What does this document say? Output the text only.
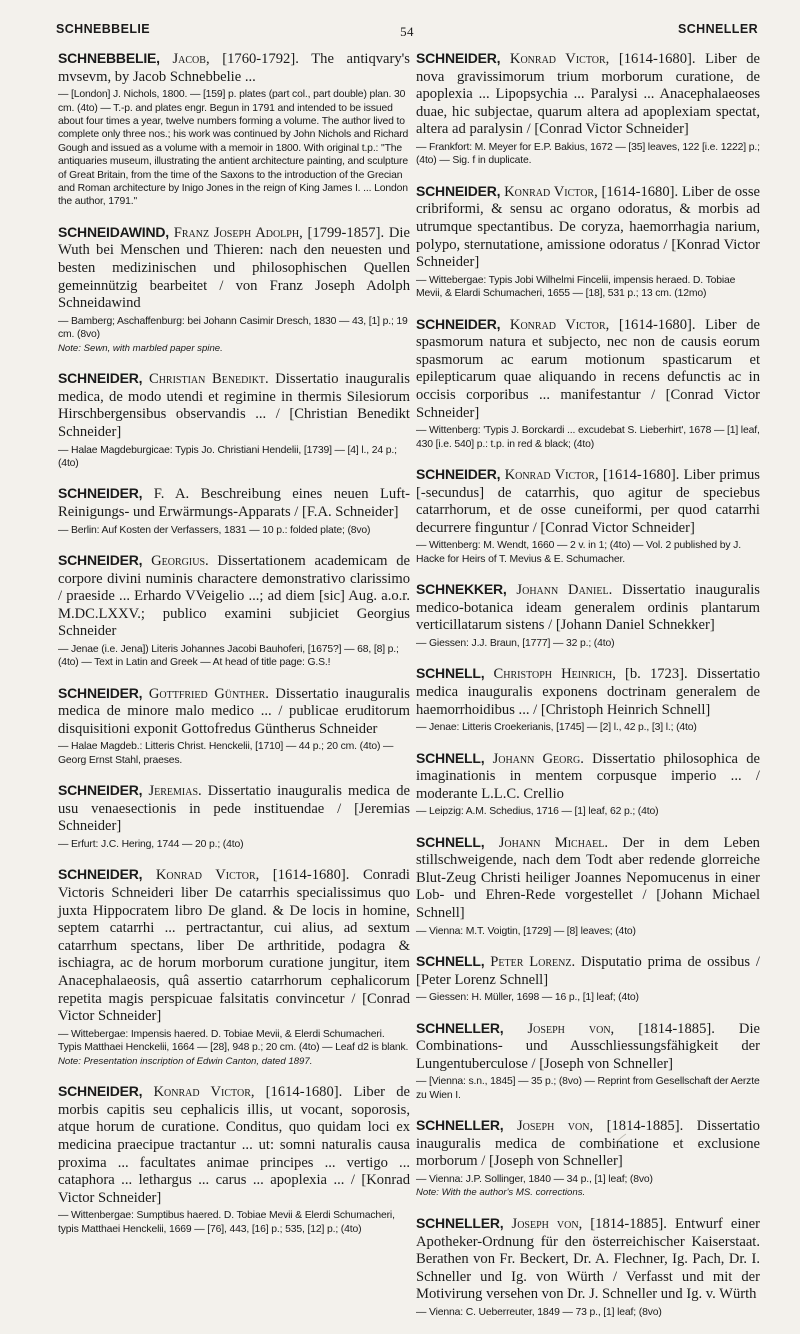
SCHNEBBELIE	54	SCHNELLER

SCHNEBBELIE, Jacob, [1760-1792]. The antiqvary's mvsevm, by Jacob Schnebbelie ...

— [London] J. Nichols, 1800. — [159] p. plates (part col., part double) plan. 30 cm. (4to) — T.-p. and plates engr. Begun in 1791 and intended to be issued about four times a year, twelve numbers forming a volume. The author lived to complete only three nos.; his work was continued by John Nichols and Richard Gough and issued as a volume with a memoir in 1800. With original t.p.: "The antiquaries museum, illustrating the antient architecture painting, and sculpture of Great Britain, from the time of the Saxons to the introduction of the Grecian and Roman architecture by Inigo Jones in the reign of King James I. ... London the author, 1791."

SCHNEIDAWIND, Franz Joseph Adolph, [1799-1857]. Die Wuth bei Menschen und Thieren: nach den neuesten und besten medizinischen und philosophischen Quellen gemeinnützig bearbeitet / von Franz Joseph Adolph Schneidawind

— Bamberg; Aschaffenburg: bei Johann Casimir Dresch, 1830 — 43, [1] p.; 19 cm. (8vo)

Note: Sewn, with marbled paper spine.

SCHNEIDER, Christian Benedikt. Dissertatio inauguralis medica, de modo utendi et regimine in thermis Silesiorum Hirschbergensibus observandis ... / [Christian Benedikt Schneider]

— Halae Magdeburgicae: Typis Jo. Christiani Hendelii, [1739] — [4] l., 24 p.; (4to)

SCHNEIDER, F. A. Beschreibung eines neuen Luft-Reinigungs- und Erwärmungs-Apparats / [F.A. Schneider]

— Berlin: Auf Kosten der Verfassers, 1831 — 10 p.: folded plate; (8vo)

SCHNEIDER, Georgius. Dissertationem academicam de corpore divini numinis charactere demonstrativo clarissimo / praeside ... Erhardo VVeigelio ...; ad diem [sic] Aug. a.o.r. M.DC.LXXV.; publico examini subjiciet Georgius Schneider

— Jenae (i.e. Jena]) Literis Johannes Jacobi Bauhoferi, [1675?] — 68, [8] p.; (4to) — Text in Latin and Greek — At head of title page: G.S.!

SCHNEIDER, Gottfried Günther. Dissertatio inauguralis medica de minore malo medico ... / publicae eruditorum disquisitioni exponit Gottofredus Güntherus Schneider

— Halae Magdeb.: Litteris Christ. Henckelii, [1710] — 44 p.; 20 cm. (4to) — Georg Ernst Stahl, praeses.

SCHNEIDER, Jeremias. Dissertatio inauguralis medica de usu venaesectionis in pede instituendae / [Jeremias Schneider]

— Erfurt: J.C. Hering, 1744 — 20 p.; (4to)

SCHNEIDER, Konrad Victor, [1614-1680]. Conradi Victoris Schneideri liber De catarrhis specialissimus quo juxta Hippocratem libro De gland. & De locis in homine, septem catarrhi ... pertractantur, cui alius, ad sextum catarrhum spectans, liber De arthritide, podagra & ischiagra, ac de horum morborum curatione jungitur, item Anacephalaeosis, quâ assertio catarrhorum cephalicorum repetita magis perspicuae falsitatis convincetur / [Conrad Victor Schneider]

— Wittebergae: Impensis haered. D. Tobiae Mevii, & Elerdi Schumacheri. Typis Matthaei Henckelii, 1664 — [28], 948 p.; 20 cm. (4to) — Leaf d2 is blank.

Note: Presentation inscription of Edwin Canton, dated 1897.

SCHNEIDER, Konrad Victor, [1614-1680]. Liber de morbis capitis seu cephalicis illis, ut vocant, soporosis, atque horum de curatione. Conditus, quo quidam loci ex medicina praecipue tractantur ... ut: somni naturalis causa proxima ... facultates animae principes ... vertigo ... cataphora ... lethargus ... carus ... apoplexia ... / [Konrad Victor Schneider]

— Wittenbergae: Sumptibus haered. D. Tobiae Mevii & Elerdi Schumacheri, typis Matthaei Henckelii, 1669 — [76], 443, [16] p.; 535, [12] p.; (4to)

SCHNEIDER, Konrad Victor, [1614-1680]. Liber de nova gravissimorum trium morborum curatione, de apoplexia ... Lipopsychia ... Paralysi ... Anacephalaeoses duae, hic subjectae, quarum altera ad apoplexiam spectat, altera ad paralysin / [Conrad Victor Schneider]

— Frankfort: M. Meyer for E.P. Bakius, 1672 — [35] leaves, 122 [i.e. 1222] p.; (4to) — Sig. f in duplicate.

SCHNEIDER, Konrad Victor, [1614-1680]. Liber de osse cribriformi, & sensu ac organo odoratus, & morbis ad utrumque spectantibus. De coryza, haemorrhagia narium, polypo, sternutatione, amissione odoratus / [Konrad Victor Schneider]

— Wittebergae: Typis Jobi Wilhelmi Fincelii, impensis heraed. D. Tobiae Mevii, & Elardi Schumacheri, 1655 — [18], 531 p.; 13 cm. (12mo)

SCHNEIDER, Konrad Victor, [1614-1680]. Liber de spasmorum natura et subjecto, nec non de causis eorum spasmorum ac earum motionum spasticarum et epilepticarum quae aliquando in recens defunctis ac in occisis corporibus ... manifestantur / [Conrad Victor Schneider]

— Wittenberg: 'Typis J. Borckardi ... excudebat S. Lieberhirt', 1678 — [1] leaf, 430 [i.e. 540] p.: t.p. in red & black; (4to)

SCHNEIDER, Konrad Victor, [1614-1680]. Liber primus [-secundus] de catarrhis, quo agitur de speciebus catarrhorum, et de osse cuneiformi, per quod catarrhi decurrere finguntur / [Conrad Victor Schneider]

— Wittenberg: M. Wendt, 1660 — 2 v. in 1; (4to) — Vol. 2 published by J. Hacke for Heirs of T. Mevius & E. Schumacher.

SCHNEKKER, Johann Daniel. Dissertatio inauguralis medico-botanica ideam generalem ordinis plantarum verticillatarum sistens / [Johann Daniel Schnekker]

— Giessen: J.J. Braun, [1777] — 32 p.; (4to)

SCHNELL, Christoph Heinrich, [b. 1723]. Dissertatio medica inauguralis exponens doctrinam generalem de haemorrhoidibus ... / [Christoph Heinrich Schnell]

— Jenae: Litteris Croekerianis, [1745] — [2] l., 42 p., [3] l.; (4to)

SCHNELL, Johann Georg. Dissertatio philosophica de imaginationis in mentem corpusque imperio ... / moderante L.L.C. Crellio

— Leipzig: A.M. Schedius, 1716 — [1] leaf, 62 p.; (4to)

SCHNELL, Johann Michael. Der in dem Leben stillschweigende, nach dem Todt aber redende glorreiche Blut-Zeug Christi heiliger Joannes Nepomucenus in einer Lob- und Ehren-Rede vorgestellet / [Johann Michael Schnell]

— Vienna: M.T. Voigtin, [1729] — [8] leaves; (4to)

SCHNELL, Peter Lorenz. Disputatio prima de ossibus / [Peter Lorenz Schnell]

— Giessen: H. Müller, 1698 — 16 p., [1] leaf; (4to)

SCHNELLER, Joseph von, [1814-1885]. Die Combinations- und Ausschliessungsfähigkeit der Lungentuberculose / [Joseph von Schneller]

— [Vienna: s.n., 1845] — 35 p.; (8vo) — Reprint from Gesellschaft der Aerzte zu Wien I.

SCHNELLER, Joseph von, [1814-1885]. Dissertatio inauguralis medica de combinatione et exclusione morborum / [Joseph von Schneller]

— Vienna: J.P. Sollinger, 1840 — 34 p., [1] leaf; (8vo)

Note: With the author's MS. corrections.

SCHNELLER, Joseph von, [1814-1885]. Entwurf einer Apotheker-Ordnung für den österreichischer Kaiserstaat. Berathen von Fr. Beckert, Dr. A. Flechner, Ig. Pach, Dr. I. Schneller und Ig. von Würth / Verfasst und mit der Motivirung versehen von Dr. J. Schneller und Ig. v. Würth

— Vienna: C. Ueberreuter, 1849 — 73 p., [1] leaf; (8vo)
